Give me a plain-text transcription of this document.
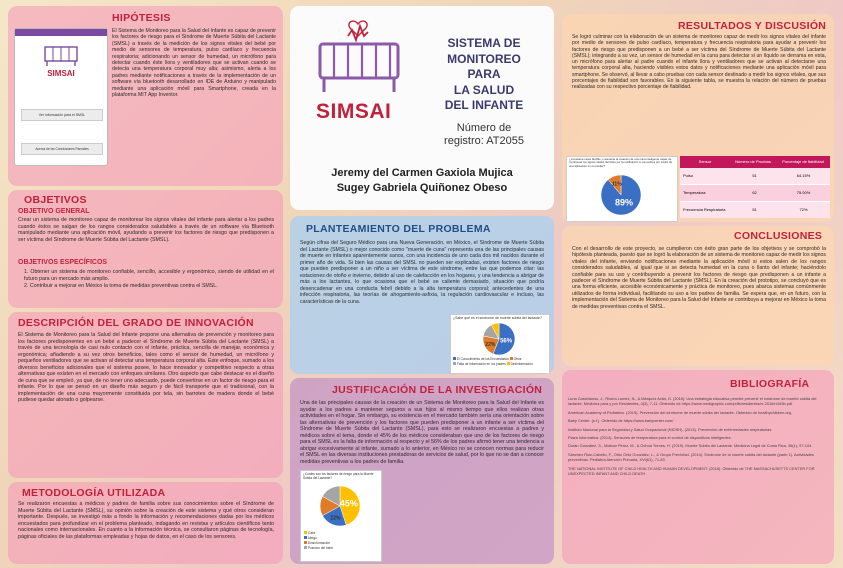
HIPÓTESIS
SIMSAI
Ver información para el SMSL
Acerca de las Conclusiones Parciales
El Sistema de Monitoreo para la Salud del Infante es capaz de prevenir los factores de riesgo para el Síndrome de Muerte Súbita del Lactante (SMSL) a través de la medición de los signos vitales del bebé por medio de sensores de temperatura, pulso cardíaco y frecuencia respiratoria; adicionando un sensor de humedad, un micrófono para detectar cuando éste llora y ventiladores que se activan cuando se detecta una temperatura corporal muy alta; asimismo, alerta a los padres mediante notificaciones a través de la implementación de un software vía bluetooth desarrollado en IDE de Arduino y manipulado mediante una aplicación móvil para Smartphone, creada en la plataforma MIT App Inventor.
SIMSAI
SISTEMA DE
MONITOREO
PARA
LA SALUD
DEL INFANTE
Número de
registro: AT2055
Jeremy del Carmen Gaxiola Mujica
Sugey Gabriela Quiñonez Obeso
OBJETIVOS
OBJETIVO GENERAL
Crear un sistema de monitoreo capaz de monitorear los signos vitales del infante para alertar a los padres cuando éstos se salgan de los rangos considerados saludables a través de un software vía Bluetooth manipulado mediante una aplicación móvil, ayudando a prevenir los factores de riesgo que predisponen a ser víctima del Síndrome de Muerte Súbita del Lactante (SMSL).
OBJETIVOS ESPECÍFICOS
1. Obtener un sistema de monitoreo confiable, sencillo, accesible y ergonómico, siendo de utilidad en el futuro para un mercado más amplio.
2. Contribuir a mejorar en México la toma de medidas preventivas contra el SMSL.
DESCRIPCIÓN DEL GRADO DE INNOVACIÓN
El Sistema de Monitoreo para la Salud del Infante propone una alternativa de prevención y monitoreo para los factores predisponentes en un bebé a padecer el Síndrome de Muerte Súbita del Lactante (SMSL) a través de una tecnología de casi nulo contacto con el infante, práctica, sencilla de manejar, económica y ergonómica; añadiendo a su vez otros beneficios, tales como el sensor de humedad, un micrófono y pequeños ventiladores que se activan al detectar una temperatura corporal alta. Este enfoque, sumado a los diversos beneficios adicionales que el sistema posee, lo hace innovador y competitivo respecto a otras alternativas que existen en el mercado con enfoques similares. Otro aspecto que cabe destacar es el diseño de cuna que se empleó, ya que, de no tener uno adecuado, puede convertirse en un factor de riesgo para el infante. Por lo que se pensó en un diseño más seguro y de fácil transporte que el tradicional, con la implementación de una cuna mayormente constituida por tela, sin barrotes de madera donde el bebé pudiese quedar atorado o golpearse.
METODOLOGÍA UTILIZADA
Se realizaron encuestas a médicos y padres de familia sobre sus conocimientos sobre el Síndrome de Muerte Súbita del Lactante (SMSL), su opinión sobre la creación de este sistema y qué otros consideran importante. Después, se investigó más a fondo la información y recomendaciones dadas por los médicos encuestados para profundizar en el problema planteado, indagando en revistas y artículos científicos tanto nacionales como internacionales. En cuanto a la información técnica, se consultaron páginas de tecnología, páginas oficiales de las plataformas empleadas y hojas de datos, en el caso de los sensores.
PLANTEAMIENTO DEL PROBLEMA
Según cifras del Seguro Médico para una Nueva Generación, en México, el Síndrome de Muerte Súbita del Lactante (SMSL) o mejor conocido como "muerte de cuna" representa una de las principales causas de muerte en infantes aparentemente sanos, con una incidencia de uno cada dos mil nacidos durante el primer año de vida. Si bien las causas del SMSL no pueden ser explicadas, existen factores de riesgo que pueden predisponer a un niño a ser víctima de este síndrome, entre las que podemos citar: las estaciones de otoño e invierno, debido al uso de calefacción en los hogares, y una tendencia a abrigar de más a los lactantes, lo que ocasiona que el bebé se caliente demasiado, situación que podría desencadenar en una conducta febril debido a la alta temperatura corporal; antecedentes de una infección respiratoria, las teorías de ahogamiento-asfixia, la regulación cardiovascular e incluso, las características de la cuna.
¿Sabe qué es el síndrome de muerte súbita del lactante?
56%
22%
El Conocimiento de los Encuestados Otros
Falta de información en los padres Desinformación
JUSTIFICACIÓN DE LA INVESTIGACIÓN
Una de las principales causas de la creación de un Sistema de Monitoreo para la Salud del Infante es ayudar a los padres a mantener seguros a sus hijos al mismo tiempo que ellos realizan otras actividades en el hogar. Sin embargo, su existencia en el mercado también sería una orientación sobre las alternativas de prevención y los factores que pueden predisponer a un infante a ser víctima del Síndrome de Muerte Súbita del Lactante (SMSL), para esto se realizaron encuestas a padres y médicos sobre el tema, donde el 45% de los médicos consideraban que uno de los factores de riesgo para el SMSL es la falta de información al respecto y el 56% de los padres afirmó tener una tendencia a abrigar excesivamente al infante, sumado a lo anterior, en México no se conocen normas para reducir el SMSL en las diversas instituciones prestadoras de servicios de salud, por lo que no se dan a conocer medidas preventivas a los padres de familia.
¿Cuáles son los factores de riesgo para la Muerte Súbita del Lactante?
45%
22%
Calor
Abrigo
Desinformación
Posición del bebé
RESULTADOS Y DISCUSIÓN
Se logró culminar con la elaboración de un sistema de monitoreo capaz de medir los signos vitales del infante por medio de sensores de pulso cardíaco, temperatura y frecuencia respiratoria para ayudar a prevenir los factores de riesgo que predisponen a un bebé a ser víctima del Síndrome de Muerte Súbita del Lactante (SMSL); integrando a su vez, un sensor de humedad en la cuna para detectar si un líquido se derrama en esta, un micrófono para alertar al padre cuando el infante llora y ventiladores que se activan al detectarse una temperatura corporal alta, haciendo visibles estos datos y notificaciones mediante una aplicación móvil para smartphone. Se observó, al llevar a cabo pruebas con cada sensor destinado a medir los signos vitales, que sus porcentajes de fiabilidad son favorables. En la siguiente tabla, se muestra la relación del número de pruebas realizadas con su respectivo porcentaje de fiabilidad.
¿Considera usted factible y relevante la creación de una cuna inteligente capaz de monitorear los signos vitales del bebé por la notificación a sus padres por medio de una aplicación en su celular?
89%
11%
Sensor	Número de Pruebas	Porcentaje de fiabilidad
Pulso	51	64.15%
Temperatura	62	75.00%
Frecuencia Respiratoria	51	72%
CONCLUSIONES
Con el desarrollo de este proyecto, se cumplieron con éxito gran parte de los objetivos y se comprobó la hipótesis planteada, puesto que se logró la elaboración de un sistema de monitoreo capaz de medir los signos vitales del infante, enviando notificaciones mediante la aplicación móvil si estos salen de los rangos considerados saludables, al igual que si se detecta humedad en la cuna o llanto del infante; haciéndolo confiable para su uso y contribuyendo a prevenir los factores de riesgo que predisponen a un infante a padecer el Síndrome de Muerte Súbita del Lactante (SMSL). En la creación del prototipo, se concluyó que es una forma eficiente, accesible económicamente y práctica de monitoreo, pues abarca sistemas comúnmente utilizados de forma individual, facilitando su uso a los padres de familia. Se espera que, en un futuro, con la implementación del Sistema de Monitoreo para la Salud del Infante se contribuya a mejorar en México la toma de medidas preventivas contra el SMSL.
BIBLIOGRAFÍA
Luna Castellanos, J., Rivera Lomez, N., & Márquez Avila, G. (2016). Una estrategia educativa permite prevenir el síndrome de muerte súbita del lactante. Medicina para y por Residentes, 4(3), 7-11. Obtenido de https://www.medigraphic.com/pdfs/residentes/rr-2016/rr163b.pdf
American Academy of Pediatrics. (2019). Prevención del síndrome de muerte súbita del lactante. Obtenido de healthychildren.org.
Baby Center. (s.f.). Obtenido de https://www.babycenter.com/
Instituto Nacional para la Seguridad y Salud Ocupacional (NIOSH). (2013). Prevención de enfermedades respiratorias.
Plaza Informática. (2014). Sensores de temperatura para el control de dispositivos inteligentes.
Durán González, S., Molinar Pérez, M., & Ochoa Trenes, H. (2019). Muerte Súbita del Lactante. Medicina Legal de Costa Rica, 36(1), 97-104.
Sánchez Ruiz-Cabello, F., Ortiz Ortiz González, L., & Grupo PrevInfad. (2014). Síndrome de la muerte súbita del lactante (parte 1). Actividades preventivas. Pediatría Atención Primaria, XVI(61), 71-83.
THE NATIONAL INSTITUTE OF CHILD HEALTH AND HUMAN DEVELOPMENT. (2016). Obtenido de THE MASSACHUSETTS CENTER FOR UNEXPECTED INFANT AND CHILD DEATH
